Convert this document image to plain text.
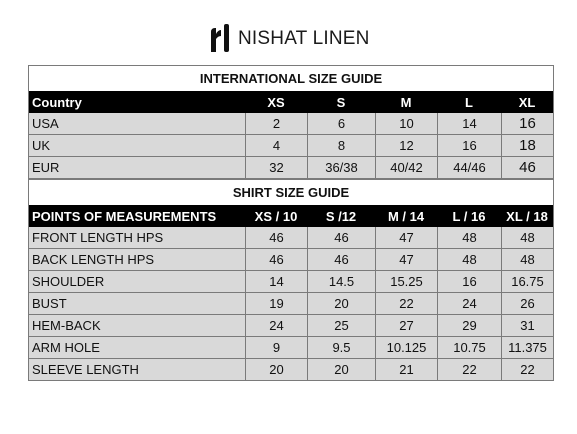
NISHAT LINEN
INTERNATIONAL SIZE GUIDE
Country	XS	S	M	L	XL
USA	2	6	10	14	16
UK	4	8	12	16	18
EUR	32	36/38	40/42	44/46	46
SHIRT SIZE GUIDE
POINTS OF MEASUREMENTS	XS / 10	S /12	M / 14	L / 16	XL / 18
FRONT LENGTH HPS	46	46	47	48	48
BACK LENGTH HPS	46	46	47	48	48
SHOULDER	14	14.5	15.25	16	16.75
BUST	19	20	22	24	26
HEM-BACK	24	25	27	29	31
ARM HOLE	9	9.5	10.125	10.75	11.375
SLEEVE LENGTH	20	20	21	22	22
